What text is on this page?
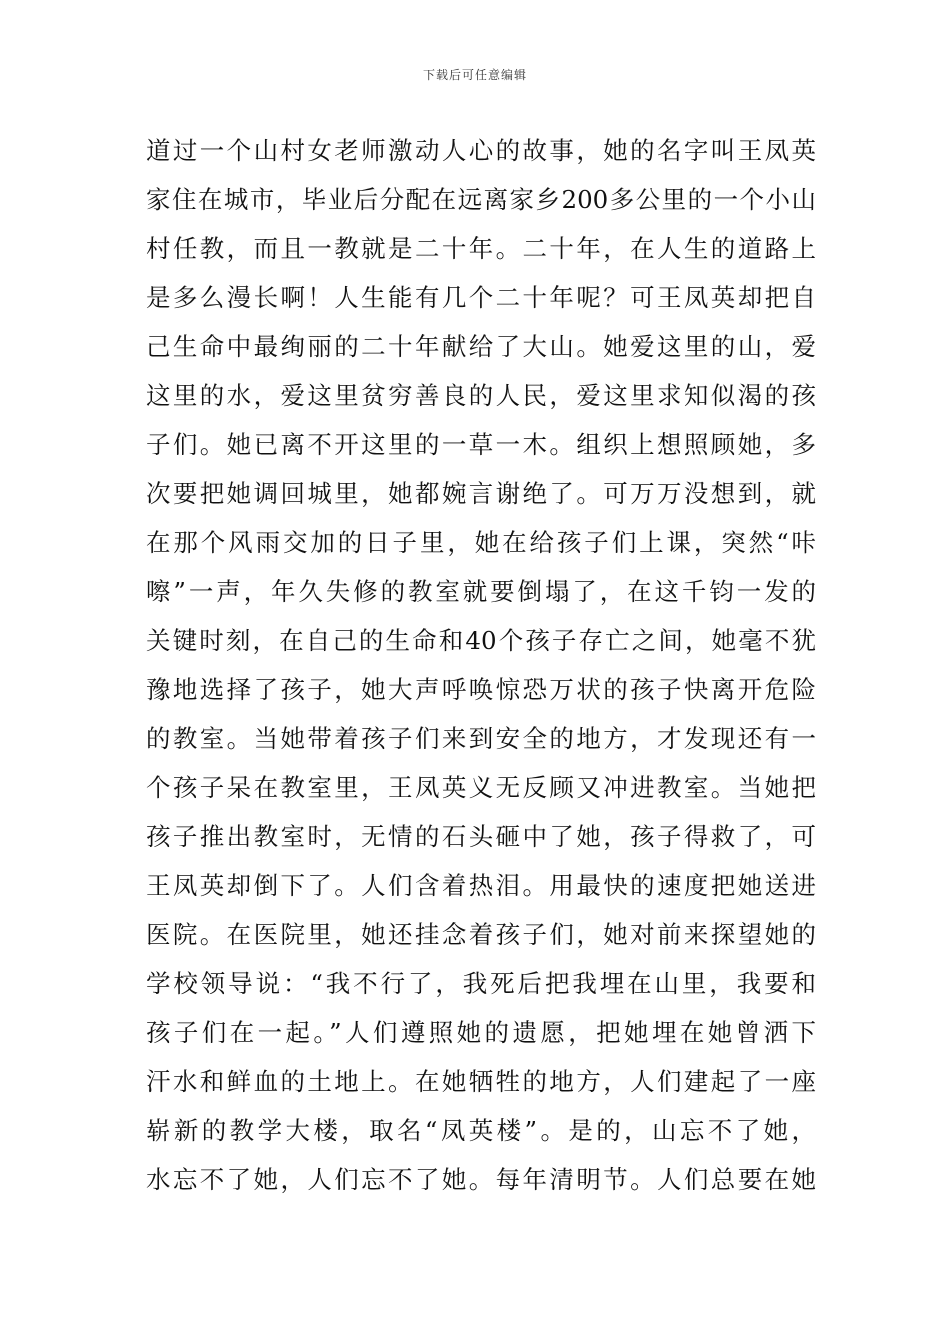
下载后可任意编辑
道过一个山村女老师激动人心的故事，她的名字叫王凤英
家住在城市，毕业后分配在远离家乡200多公里的一个小山
村任教，而且一教就是二十年。二十年，在人生的道路上
是多么漫长啊！人生能有几个二十年呢？可王凤英却把自
己生命中最绚丽的二十年献给了大山。她爱这里的山，爱
这里的水，爱这里贫穷善良的人民，爱这里求知似渴的孩
子们。她已离不开这里的一草一木。组织上想照顾她，多
次要把她调回城里，她都婉言谢绝了。可万万没想到，就
在那个风雨交加的日子里，她在给孩子们上课，突然“咔
嚓”一声，年久失修的教室就要倒塌了，在这千钧一发的
关键时刻，在自己的生命和40个孩子存亡之间，她毫不犹
豫地选择了孩子，她大声呼唤惊恐万状的孩子快离开危险
的教室。当她带着孩子们来到安全的地方，才发现还有一
个孩子呆在教室里，王凤英义无反顾又冲进教室。当她把
孩子推出教室时，无情的石头砸中了她，孩子得救了，可
王凤英却倒下了。人们含着热泪。用最快的速度把她送进
医院。在医院里，她还挂念着孩子们，她对前来探望她的
学校领导说：“我不行了，我死后把我埋在山里，我要和
孩子们在一起。”人们遵照她的遗愿，把她埋在她曾洒下
汗水和鲜血的土地上。在她牺牲的地方，人们建起了一座
崭新的教学大楼，取名“凤英楼”。是的，山忘不了她，
水忘不了她，人们忘不了她。每年清明节。人们总要在她
